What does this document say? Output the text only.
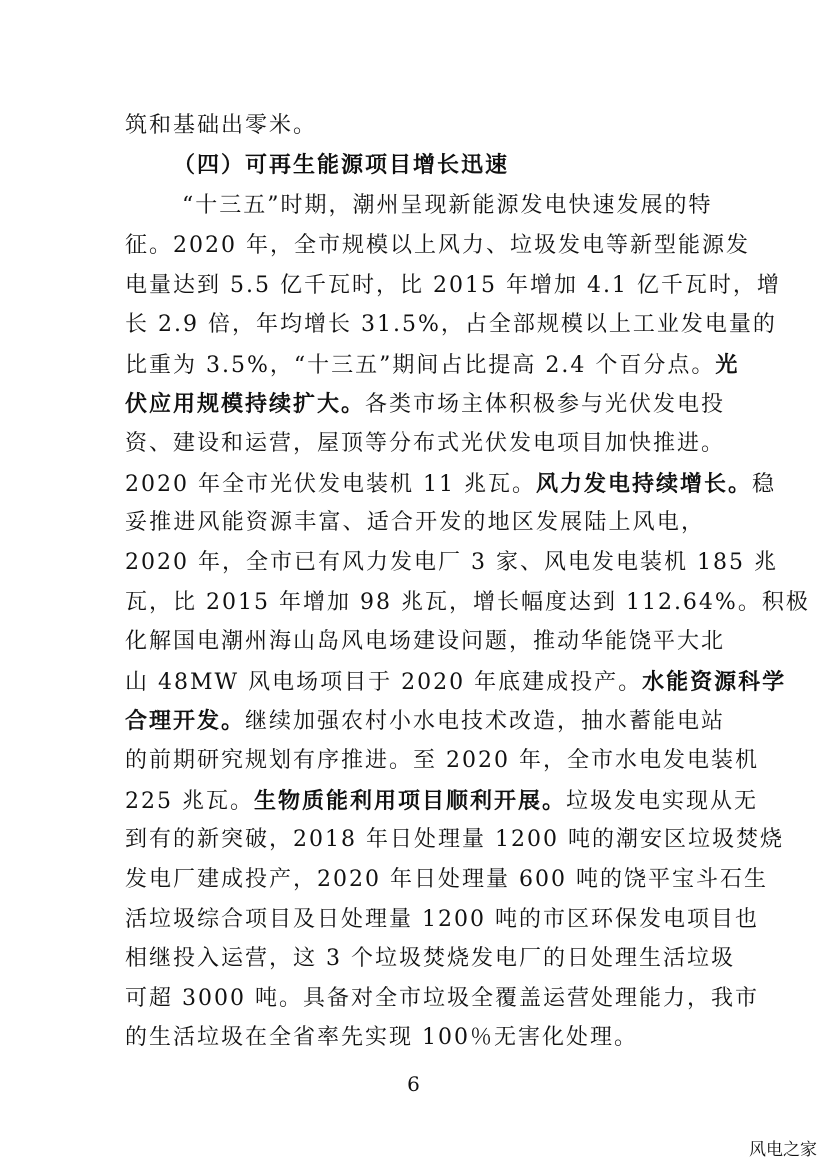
筑和基础出零米。
（四）可再生能源项目增长迅速
“十三五”时期，潮州呈现新能源发电快速发展的特
征。2020 年，全市规模以上风力、垃圾发电等新型能源发
电量达到 5.5 亿千瓦时，比 2015 年增加 4.1 亿千瓦时，增
长 2.9 倍，年均增长 31.5%，占全部规模以上工业发电量的
比重为 3.5%，“十三五”期间占比提高 2.4 个百分点。光
伏应用规模持续扩大。各类市场主体积极参与光伏发电投
资、建设和运营，屋顶等分布式光伏发电项目加快推进。
2020 年全市光伏发电装机 11 兆瓦。风力发电持续增长。稳
妥推进风能资源丰富、适合开发的地区发展陆上风电，
2020 年，全市已有风力发电厂 3 家、风电发电装机 185 兆
瓦，比 2015 年增加 98 兆瓦，增长幅度达到 112.64%。积极
化解国电潮州海山岛风电场建设问题，推动华能饶平大北
山 48MW 风电场项目于 2020 年底建成投产。水能资源科学
合理开发。继续加强农村小水电技术改造，抽水蓄能电站
的前期研究规划有序推进。至 2020 年，全市水电发电装机
225 兆瓦。生物质能利用项目顺利开展。垃圾发电实现从无
到有的新突破，2018 年日处理量 1200 吨的潮安区垃圾焚烧
发电厂建成投产，2020 年日处理量 600 吨的饶平宝斗石生
活垃圾综合项目及日处理量 1200 吨的市区环保发电项目也
相继投入运营，这 3 个垃圾焚烧发电厂的日处理生活垃圾
可超 3000 吨。具备对全市垃圾全覆盖运营处理能力，我市
的生活垃圾在全省率先实现 100％无害化处理。
6
风电之家
